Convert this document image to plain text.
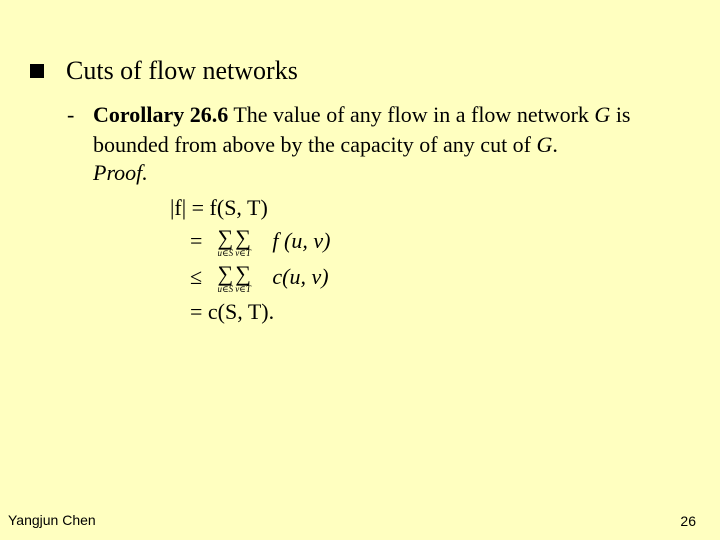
Cuts of flow networks
- Corollary 26.6 The value of any flow in a flow network G is bounded from above by the capacity of any cut of G.
Proof.
|f| = f(S, T)
= ∑
u∈S
∑
v∈T f (u, v)
≤ ∑
u∈S
∑
v∈T c(u, v)
= c(S, T).
Yangjun Chen	26
